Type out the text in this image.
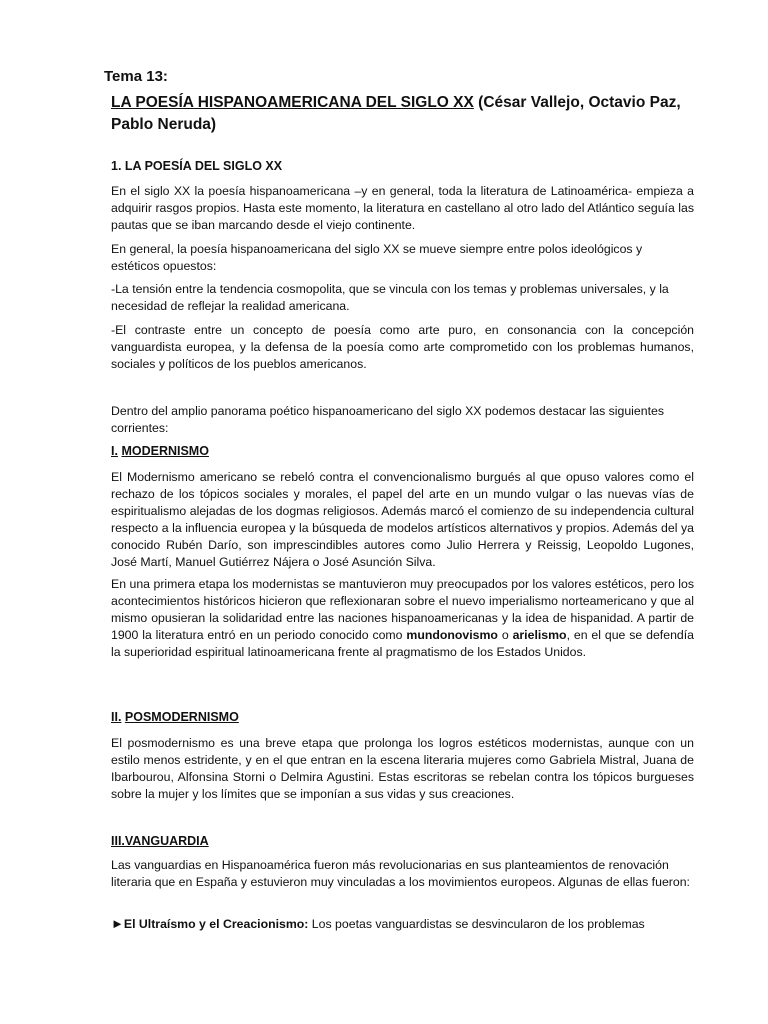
Tema 13:
LA POESÍA HISPANOAMERICANA DEL SIGLO XX (César Vallejo, Octavio Paz, Pablo Neruda)
1. LA POESÍA DEL SIGLO XX

En el siglo XX la poesía hispanoamericana –y en general, toda la literatura de Latinoamérica- empieza a adquirir rasgos propios. Hasta este momento, la literatura en castellano al otro lado del Atlántico seguía las pautas que se iban marcando desde el viejo continente.

En general, la poesía hispanoamericana del siglo XX se mueve siempre entre polos ideológicos y estéticos opuestos:

-La tensión entre la tendencia cosmopolita, que se vincula con los temas y problemas universales, y la necesidad de reflejar la realidad americana.

-El contraste entre un concepto de poesía como arte puro, en consonancia con la concepción vanguardista europea, y la defensa de la poesía como arte comprometido con los problemas humanos, sociales y políticos de los pueblos americanos.

Dentro del amplio panorama poético hispanoamericano del siglo XX podemos destacar las siguientes corrientes:

I. MODERNISMO

El Modernismo americano se rebeló contra el convencionalismo burgués al que opuso valores como el rechazo de los tópicos sociales y morales, el papel del arte en un mundo vulgar o las nuevas vías de espiritualismo alejadas de los dogmas religiosos. Además marcó el comienzo de su independencia cultural respecto a la influencia europea y la búsqueda de modelos artísticos alternativos y propios. Además del ya conocido Rubén Darío, son imprescindibles autores como Julio Herrera y Reissig, Leopoldo Lugones, José Martí, Manuel Gutiérrez Nájera o José Asunción Silva.

En una primera etapa los modernistas se mantuvieron muy preocupados por los valores estéticos, pero los acontecimientos históricos hicieron que reflexionaran sobre el nuevo imperialismo norteamericano y que al mismo opusieran la solidaridad entre las naciones hispanoamericanas y la idea de hispanidad. A partir de 1900 la literatura entró en un periodo conocido como mundonovismo o arielismo, en el que se defendía la superioridad espiritual latinoamericana frente al pragmatismo de los Estados Unidos.

II. POSMODERNISMO

El posmodernismo es una breve etapa que prolonga los logros estéticos modernistas, aunque con un estilo menos estridente, y en el que entran en la escena literaria mujeres como Gabriela Mistral, Juana de Ibarbourou, Alfonsina Storni o Delmira Agustini. Estas escritoras se rebelan contra los tópicos burgueses sobre la mujer y los límites que se imponían a sus vidas y sus creaciones.

III.VANGUARDIA

Las vanguardias en Hispanoamérica fueron más revolucionarias en sus planteamientos de renovación literaria que en España y estuvieron muy vinculadas a los movimientos europeos. Algunas de ellas fueron:

►El Ultraísmo y el Creacionismo: Los poetas vanguardistas se desvincularon de los problemas
